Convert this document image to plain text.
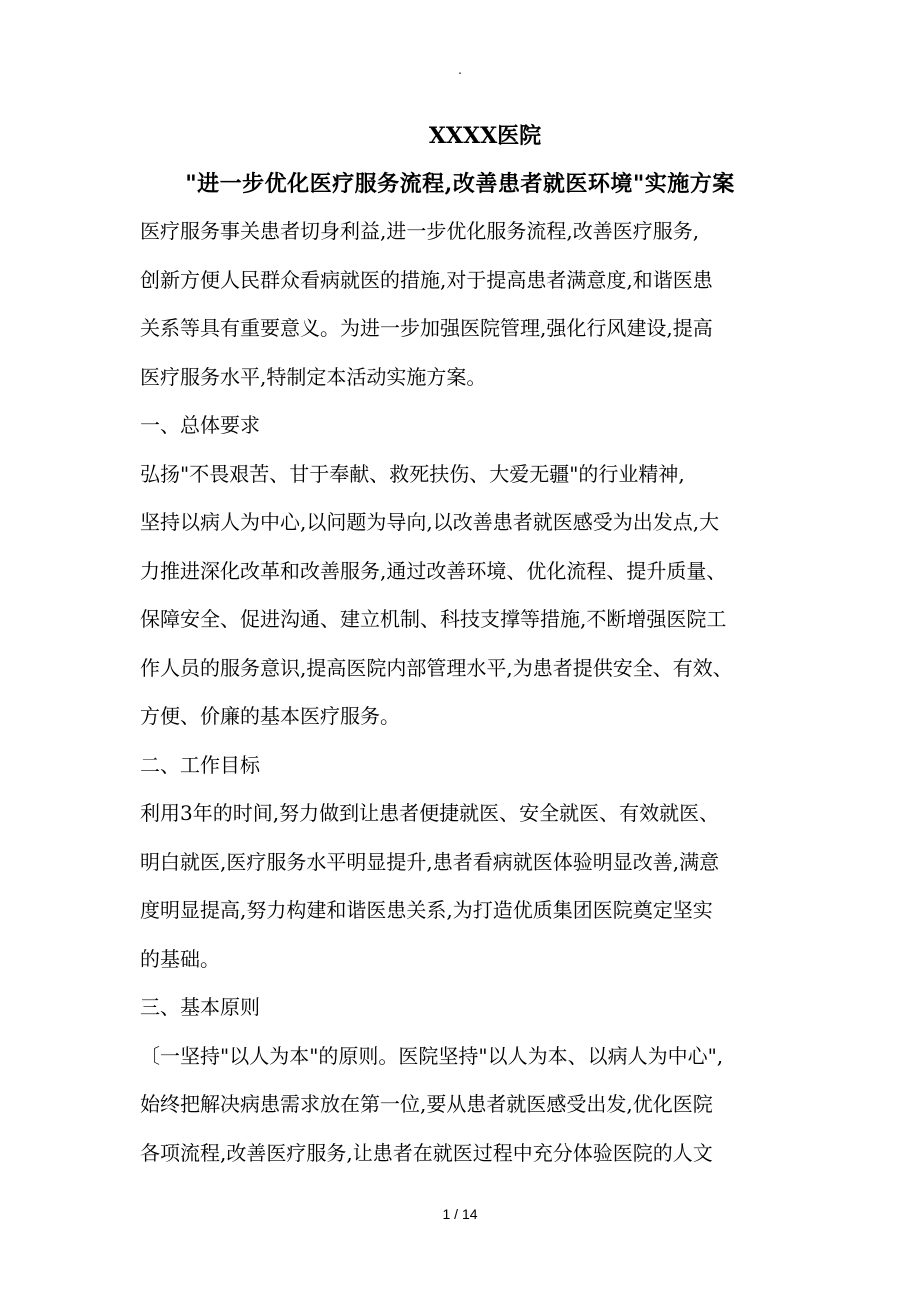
.
XXXX医院
"进一步优化医疗服务流程,改善患者就医环境"实施方案
医疗服务事关患者切身利益,进一步优化服务流程,改善医疗服务,
创新方便人民群众看病就医的措施,对于提高患者满意度,和谐医患
关系等具有重要意义。为进一步加强医院管理,强化行风建设,提高
医疗服务水平,特制定本活动实施方案。
一、总体要求
弘扬"不畏艰苦、甘于奉献、救死扶伤、大爱无疆"的行业精神,
坚持以病人为中心,以问题为导向,以改善患者就医感受为出发点,大
力推进深化改革和改善服务,通过改善环境、优化流程、提升质量、
保障安全、促进沟通、建立机制、科技支撑等措施,不断增强医院工
作人员的服务意识,提高医院内部管理水平,为患者提供安全、有效、
方便、价廉的基本医疗服务。
二、工作目标
利用3年的时间,努力做到让患者便捷就医、安全就医、有效就医、
明白就医,医疗服务水平明显提升,患者看病就医体验明显改善,满意
度明显提高,努力构建和谐医患关系,为打造优质集团医院奠定坚实
的基础。
三、基本原则
〔一坚持"以人为本"的原则。医院坚持"以人为本、以病人为中心",
始终把解决病患需求放在第一位,要从患者就医感受出发,优化医院
各项流程,改善医疗服务,让患者在就医过程中充分体验医院的人文
1 / 14
